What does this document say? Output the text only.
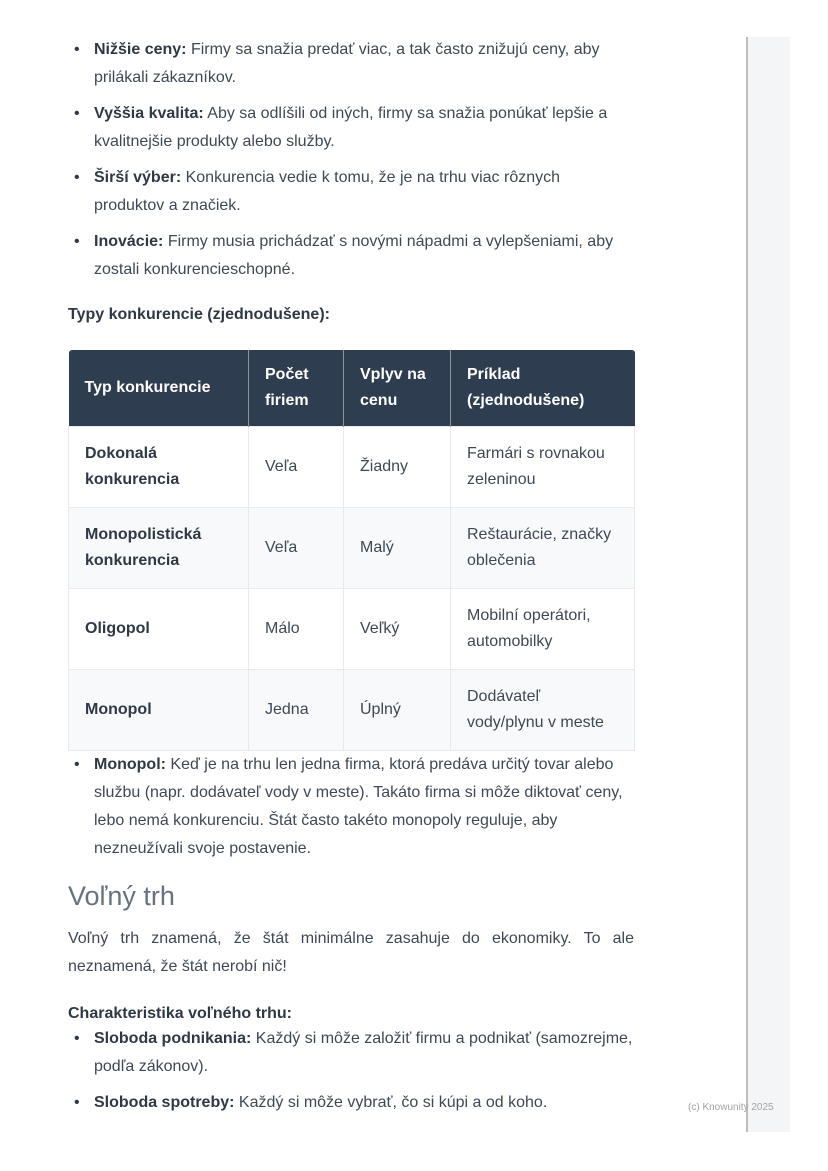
• Nižšie ceny: Firmy sa snažia predať viac, a tak často znižujú ceny, aby prilákali zákazníkov.
• Vyššia kvalita: Aby sa odlíšili od iných, firmy sa snažia ponúkať lepšie a kvalitnejšie produkty alebo služby.
• Širší výber: Konkurencia vedie k tomu, že je na trhu viac rôznych produktov a značiek.
• Inovácie: Firmy musia prichádzať s novými nápadmi a vylepšeniami, aby zostali konkurencieschopné.
Typy konkurencie (zjednodušene):
Typ konkurencie	Počet firiem	Vplyv na cenu	Príklad (zjednodušene)
Dokonalá konkurencia	Veľa	Žiadny	Farmári s rovnakou zeleninou
Monopolistická konkurencia	Veľa	Malý	Reštaurácie, značky oblečenia
Oligopol	Málo	Veľký	Mobilní operátori, automobilky
Monopol	Jedna	Úplný	Dodávateľ vody/plynu v meste
• Monopol: Keď je na trhu len jedna firma, ktorá predáva určitý tovar alebo službu (napr. dodávateľ vody v meste). Takáto firma si môže diktovať ceny, lebo nemá konkurenciu. Štát často takéto monopoly reguluje, aby nezneužívali svoje postavenie.
Voľný trh

Voľný trh znamená, že štát minimálne zasahuje do ekonomiky. To ale neznamená, že štát nerobí nič!

Charakteristika voľného trhu:
• Sloboda podnikania: Každý si môže založiť firmu a podnikať (samozrejme, podľa zákonov).
• Sloboda spotreby: Každý si môže vybrať, čo si kúpi a od koho.	(c) Knowunity 2025
